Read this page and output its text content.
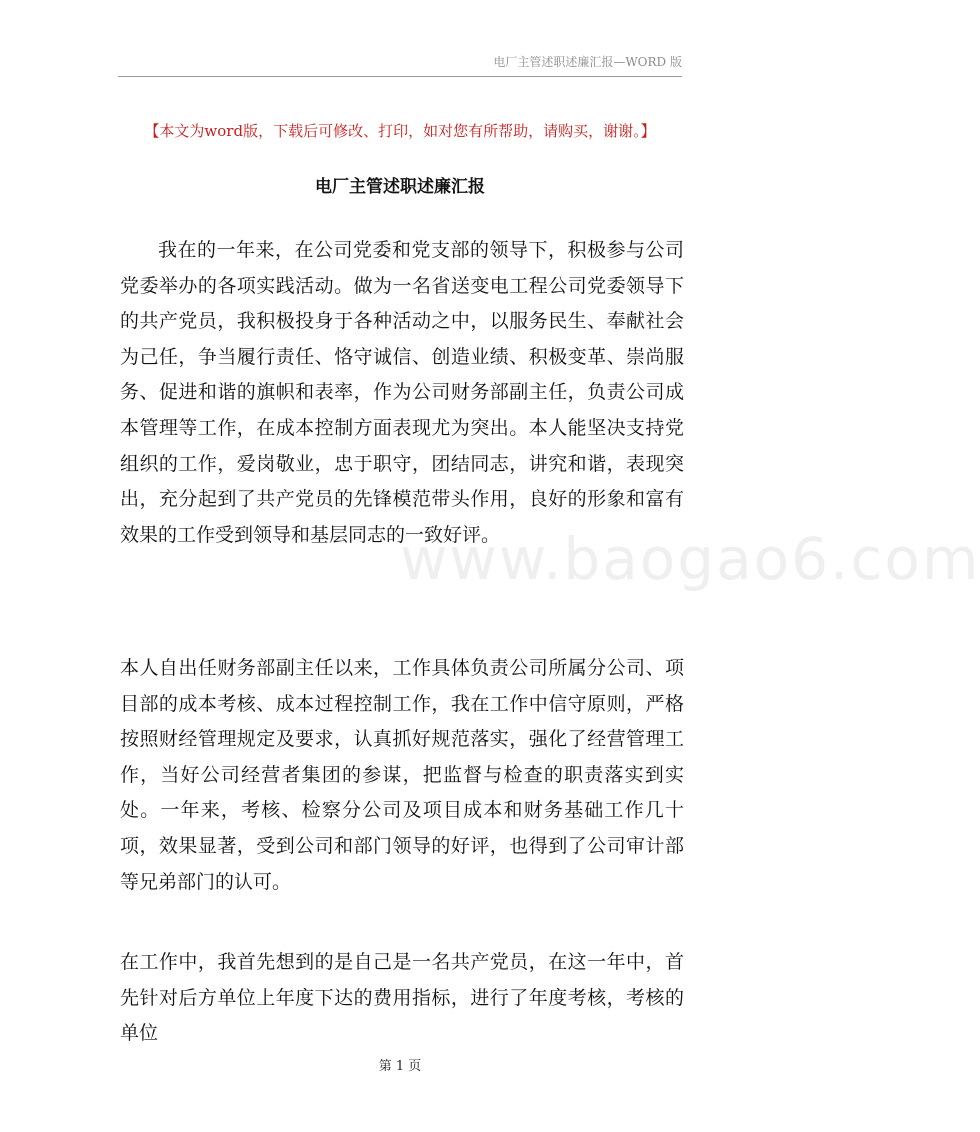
电厂主管述职述廉汇报—WORD 版
【本文为word版，下载后可修改、打印，如对您有所帮助，请购买，谢谢。】
电厂主管述职述廉汇报

我在的一年来，在公司党委和党支部的领导下，积极参与公司党委举办的各项实践活动。做为一名省送变电工程公司党委领导下的共产党员，我积极投身于各种活动之中，以服务民生、奉献社会为己任，争当履行责任、恪守诚信、创造业绩、积极变革、崇尚服务、促进和谐的旗帜和表率，作为公司财务部副主任，负责公司成本管理等工作，在成本控制方面表现尤为突出。本人能坚决支持党组织的工作，爱岗敬业，忠于职守，团结同志，讲究和谐，表现突出，充分起到了共产党员的先锋模范带头作用，良好的形象和富有效果的工作受到领导和基层同志的一致好评。

本人自出任财务部副主任以来，工作具体负责公司所属分公司、项目部的成本考核、成本过程控制工作，我在工作中信守原则，严格按照财经管理规定及要求，认真抓好规范落实，强化了经营管理工作，当好公司经营者集团的参谋，把监督与检查的职责落实到实处。一年来，考核、检察分公司及项目成本和财务基础工作几十项，效果显著，受到公司和部门领导的好评，也得到了公司审计部等兄弟部门的认可。

在工作中，我首先想到的是自己是一名共产党员，在这一年中，首先针对后方单位上年度下达的费用指标，进行了年度考核，考核的单位

www.baogao6.com
第 1 页
